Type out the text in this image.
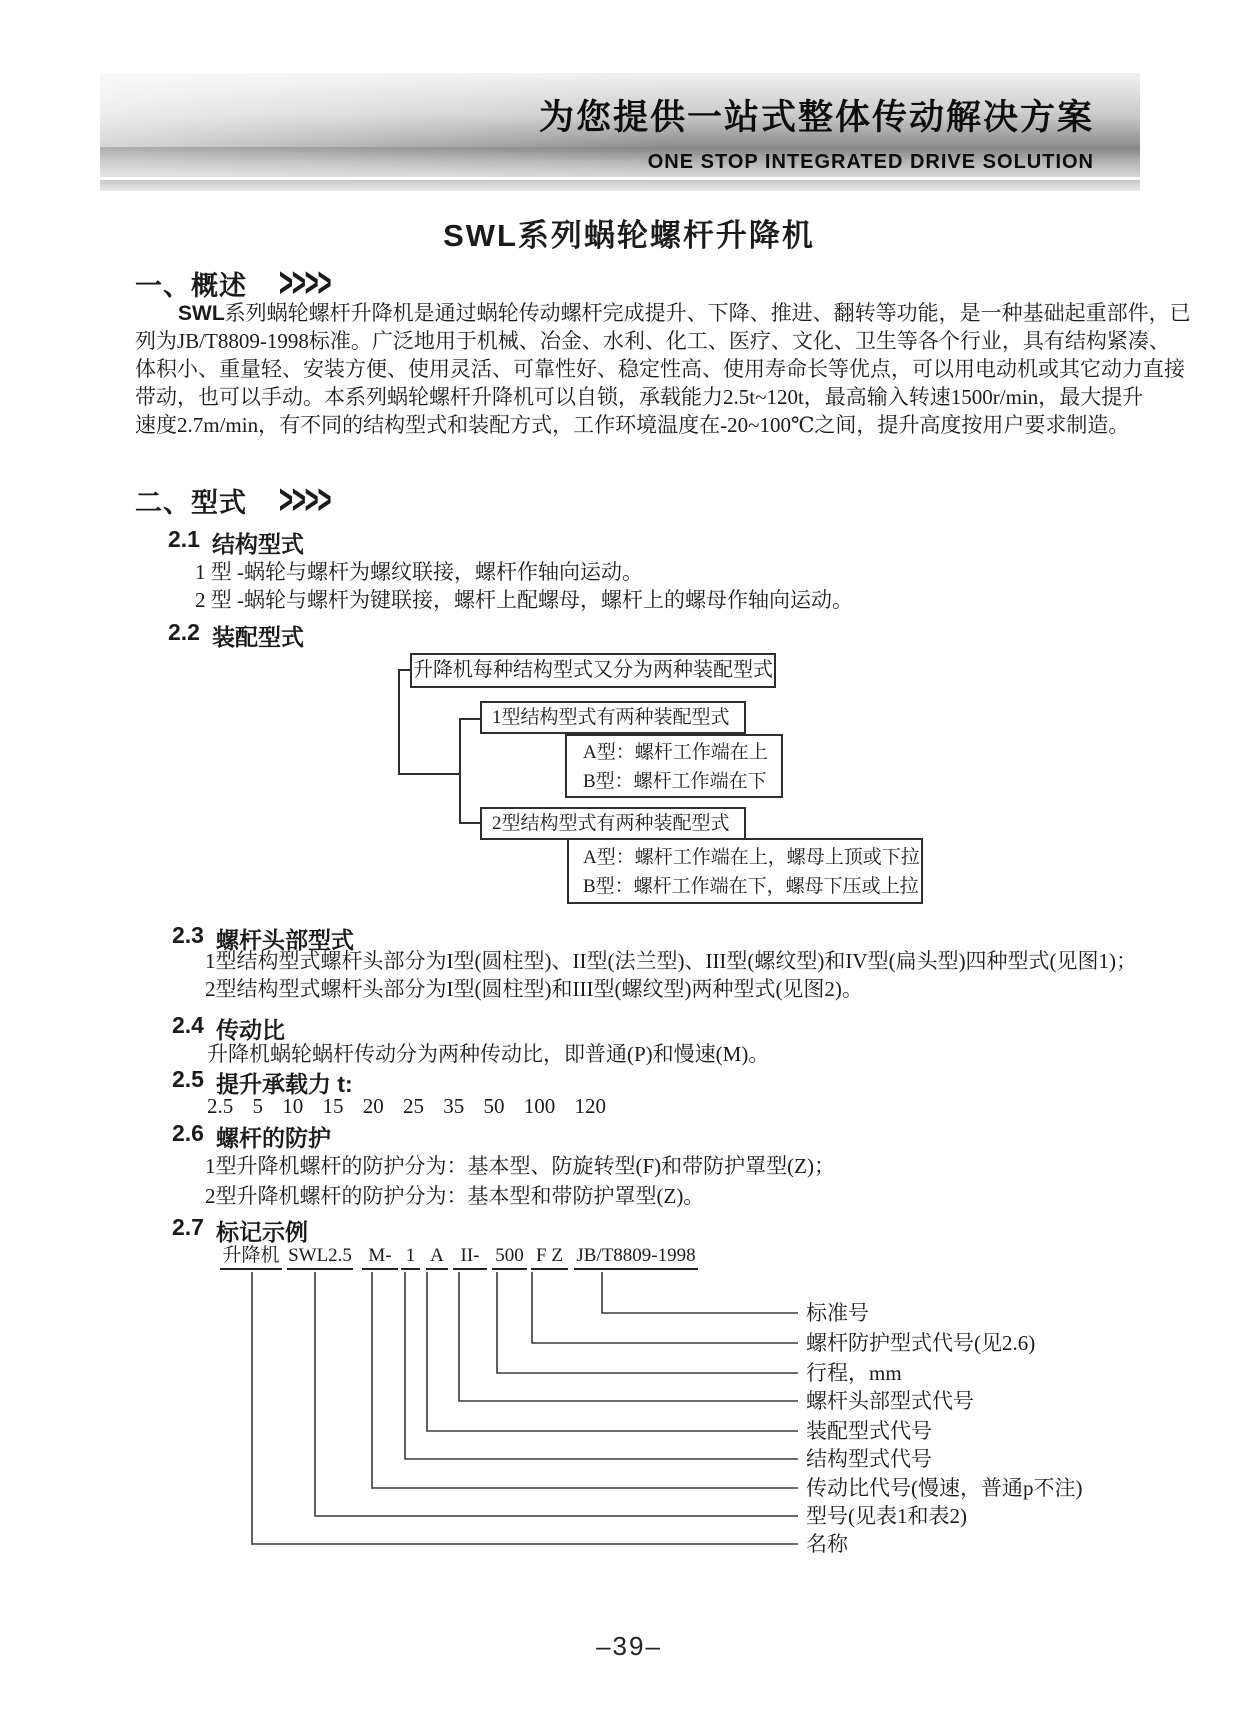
为您提供一站式整体传动解决方案
ONE STOP INTEGRATED DRIVE SOLUTION
SWL系列蜗轮螺杆升降机
一、 概述 >>>>
SWL系列蜗轮螺杆升降机是通过蜗轮传动螺杆完成提升、下降、推进、翻转等功能，是一种基础起重部件，已
列为JB/T8809-1998标准。广泛地用于机械、冶金、水利、化工、医疗、文化、卫生等各个行业，具有结构紧凑、
体积小、重量轻、安装方便、使用灵活、可靠性好、稳定性高、使用寿命长等优点，可以用电动机或其它动力直接
带动，也可以手动。本系列蜗轮螺杆升降机可以自锁，承载能力2.5t~120t，最高输入转速1500r/min，最大提升
速度2.7m/min，有不同的结构型式和装配方式，工作环境温度在-20~100℃之间，提升高度按用户要求制造。
二、 型式 >>>>
2.1 结构型式
1 型 -蜗轮与螺杆为螺纹联接，螺杆作轴向运动。
2 型 -蜗轮与螺杆为键联接，螺杆上配螺母，螺杆上的螺母作轴向运动。
2.2 装配型式
升降机每种结构型式又分为两种装配型式
1型结构型式有两种装配型式
A型：螺杆工作端在上
B型：螺杆工作端在下
2型结构型式有两种装配型式
A型：螺杆工作端在上，螺母上顶或下拉
B型：螺杆工作端在下，螺母下压或上拉
2.3 螺杆头部型式
1型结构型式螺杆头部分为I型(圆柱型)、II型(法兰型)、III型(螺纹型)和IV型(扁头型)四种型式(见图1)；
2型结构型式螺杆头部分为I型(圆柱型)和III型(螺纹型)两种型式(见图2)。
2.4 传动比
升降机蜗轮蜗杆传动分为两种传动比，即普通(P)和慢速(M)。
2.5 提升承载力 t:
2.5 5 10 15 20 25 35 50 100 120
2.6 螺杆的防护
1型升降机螺杆的防护分为：基本型、防旋转型(F)和带防护罩型(Z)；
2型升降机螺杆的防护分为：基本型和带防护罩型(Z)。
2.7 标记示例
升降机 SWL2.5 M- 1 A II- 500 F Z JB/T8809-1998
标准号
螺杆防护型式代号(见2.6)
行程，mm
螺杆头部型式代号
装配型式代号
结构型式代号
传动比代号(慢速，普通p不注)
型号(见表1和表2)
名称
–39–
